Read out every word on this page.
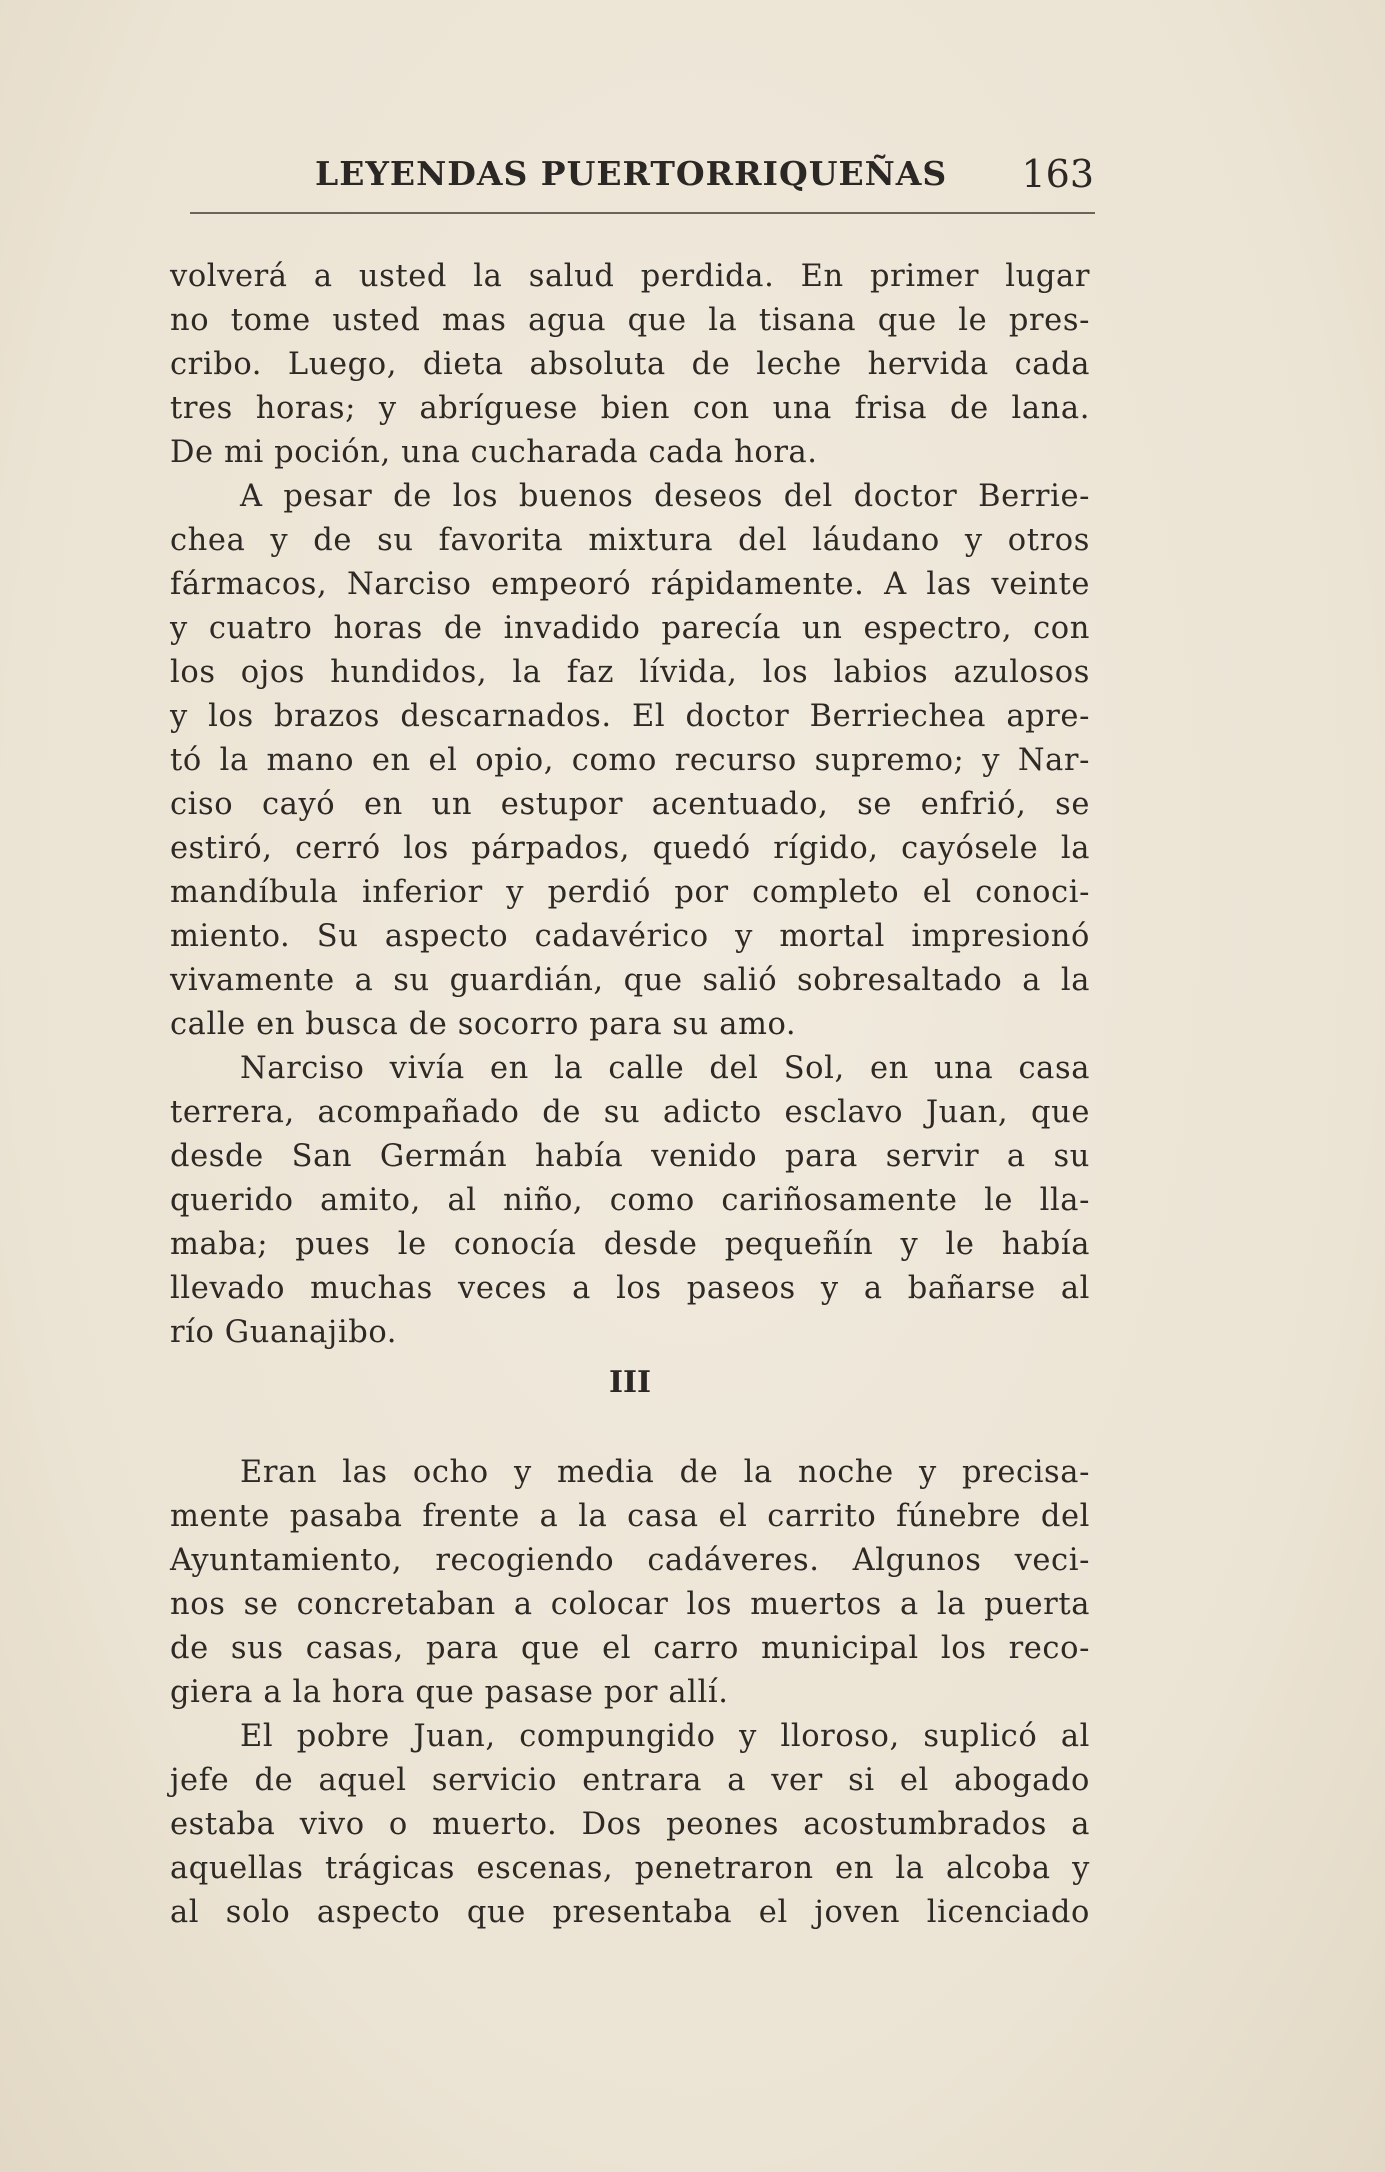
LEYENDAS PUERTORRIQUEÑAS 163
volverá a usted la salud perdida. En primer lugar
no tome usted mas agua que la tisana que le pres-
cribo. Luego, dieta absoluta de leche hervida cada
tres horas; y abríguese bien con una frisa de lana.
De mi poción, una cucharada cada hora.
A pesar de los buenos deseos del doctor Berrie-
chea y de su favorita mixtura del láudano y otros
fármacos, Narciso empeoró rápidamente. A las veinte
y cuatro horas de invadido parecía un espectro, con
los ojos hundidos, la faz lívida, los labios azulosos
y los brazos descarnados. El doctor Berriechea apre-
tó la mano en el opio, como recurso supremo; y Nar-
ciso cayó en un estupor acentuado, se enfrió, se
estiró, cerró los párpados, quedó rígido, cayósele la
mandíbula inferior y perdió por completo el conoci-
miento. Su aspecto cadavérico y mortal impresionó
vivamente a su guardián, que salió sobresaltado a la
calle en busca de socorro para su amo.
Narciso vivía en la calle del Sol, en una casa
terrera, acompañado de su adicto esclavo Juan, que
desde San Germán había venido para servir a su
querido amito, al niño, como cariñosamente le lla-
maba; pues le conocía desde pequeñín y le había
llevado muchas veces a los paseos y a bañarse al
río Guanajibo.
III
Eran las ocho y media de la noche y precisa-
mente pasaba frente a la casa el carrito fúnebre del
Ayuntamiento, recogiendo cadáveres. Algunos veci-
nos se concretaban a colocar los muertos a la puerta
de sus casas, para que el carro municipal los reco-
giera a la hora que pasase por allí.
El pobre Juan, compungido y lloroso, suplicó al
jefe de aquel servicio entrara a ver si el abogado
estaba vivo o muerto. Dos peones acostumbrados a
aquellas trágicas escenas, penetraron en la alcoba y
al solo aspecto que presentaba el joven licenciado
